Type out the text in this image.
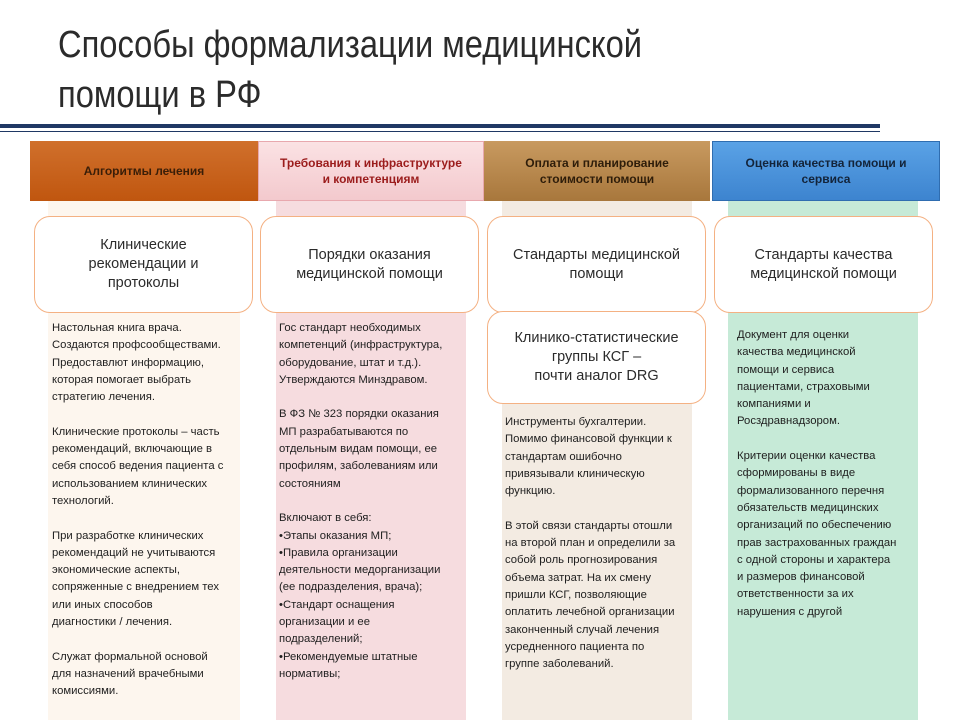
Способы формализации медицинской
помощи в РФ
Алгоритмы лечения
Требования к инфраструктуре
и компетенциям
Оплата и планирование
стоимости помощи
Оценка качества помощи и
сервиса
Клинические
рекомендации и
протоколы
Порядки оказания
медицинской помощи
Стандарты медицинской
помощи
Клинико-статистические
группы КСГ –
почти аналог DRG
Стандарты качества
медицинской помощи
Настольная книга врача.
Создаются профсообществами.
Предоставлют информацию,
которая помогает выбрать
стратегию лечения.

Клинические протоколы – часть
рекомендаций, включающие в
себя способ ведения пациента с
использованием клинических
технологий.

При разработке клинических
рекомендаций не учитываются
экономические аспекты,
сопряженные с внедрением тех
или иных способов
диагностики / лечения.

Служат формальной основой
для назначений врачебными
комиссиями.
Гос стандарт необходимых
компетенций (инфраструктура,
оборудование, штат и т.д.).
Утверждаются Минздравом.

В ФЗ № 323 порядки оказания
МП разрабатываются по
отдельным видам помощи, ее
профилям, заболеваниям или
состояниям

Включают в себя:
•Этапы оказания МП;
•Правила организации
деятельности медорганизации
(ее подразделения, врача);
•Стандарт оснащения
организации и ее
подразделений;
•Рекомендуемые штатные
нормативы;
Инструменты бухгалтерии.
Помимо финансовой функции к
стандартам ошибочно
привязывали клиническую
функцию.

В этой связи стандарты отошли
на второй план и определили за
собой роль прогнозирования
объема затрат. На их смену
пришли КСГ, позволяющие
оплатить лечебной организации
законченный случай лечения
усредненного пациента по
группе заболеваний.
Документ для оценки
качества медицинской
помощи и сервиса
пациентами, страховыми
компаниями и
Росздравнадзором.

Критерии оценки качества
сформированы в виде
формализованного перечня
обязательств медицинских
организаций по обеспечению
прав застрахованных граждан
с одной стороны и характера
и размеров финансовой
ответственности за их
нарушения с другой
